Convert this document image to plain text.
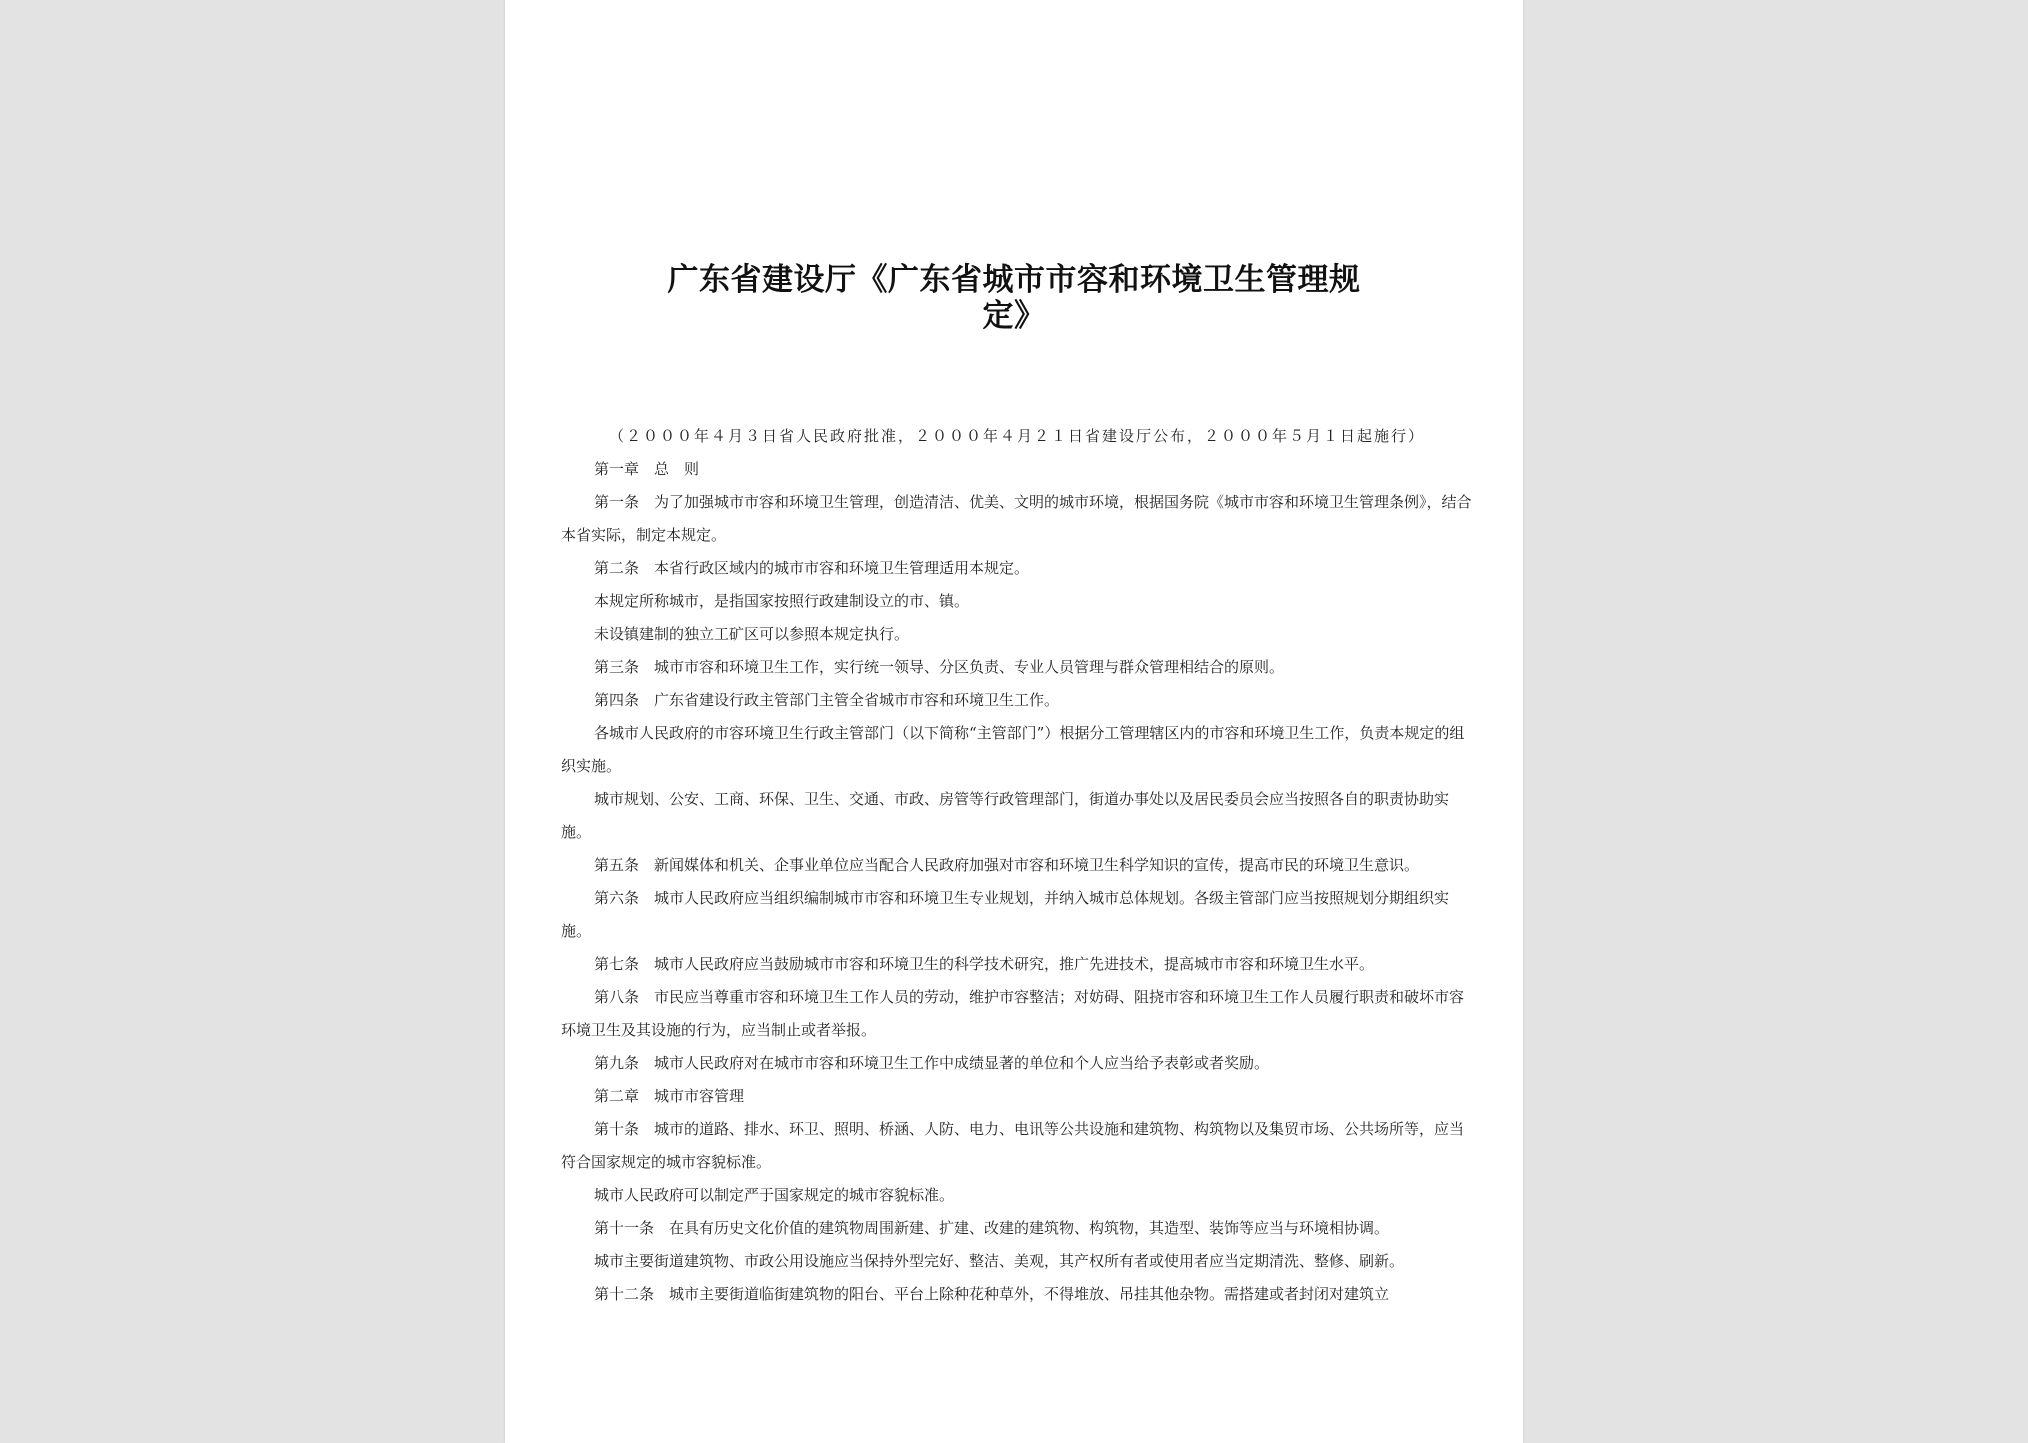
广东省建设厅《广东省城市市容和环境卫生管理规
定》

（２０００年４月３日省人民政府批准，２０００年４月２１日省建设厅公布，２０００年５月１日起施行）

第一章　总　则

第一条　为了加强城市市容和环境卫生管理，创造清洁、优美、文明的城市环境，根据国务院《城市市容和环境卫生管理条例》，结合本省实际，制定本规定。

第二条　本省行政区域内的城市市容和环境卫生管理适用本规定。

本规定所称城市，是指国家按照行政建制设立的市、镇。

未设镇建制的独立工矿区可以参照本规定执行。

第三条　城市市容和环境卫生工作，实行统一领导、分区负责、专业人员管理与群众管理相结合的原则。

第四条　广东省建设行政主管部门主管全省城市市容和环境卫生工作。

各城市人民政府的市容环境卫生行政主管部门（以下简称“主管部门”）根据分工管理辖区内的市容和环境卫生工作，负责本规定的组织实施。

城市规划、公安、工商、环保、卫生、交通、市政、房管等行政管理部门，街道办事处以及居民委员会应当按照各自的职责协助实施。

第五条　新闻媒体和机关、企事业单位应当配合人民政府加强对市容和环境卫生科学知识的宣传，提高市民的环境卫生意识。

第六条　城市人民政府应当组织编制城市市容和环境卫生专业规划，并纳入城市总体规划。各级主管部门应当按照规划分期组织实施。

第七条　城市人民政府应当鼓励城市市容和环境卫生的科学技术研究，推广先进技术，提高城市市容和环境卫生水平。

第八条　市民应当尊重市容和环境卫生工作人员的劳动，维护市容整洁；对妨碍、阻挠市容和环境卫生工作人员履行职责和破坏市容环境卫生及其设施的行为，应当制止或者举报。

第九条　城市人民政府对在城市市容和环境卫生工作中成绩显著的单位和个人应当给予表彰或者奖励。

第二章　城市市容管理

第十条　城市的道路、排水、环卫、照明、桥涵、人防、电力、电讯等公共设施和建筑物、构筑物以及集贸市场、公共场所等，应当符合国家规定的城市容貌标准。

城市人民政府可以制定严于国家规定的城市容貌标准。

第十一条　在具有历史文化价值的建筑物周围新建、扩建、改建的建筑物、构筑物，其造型、装饰等应当与环境相协调。

城市主要街道建筑物、市政公用设施应当保持外型完好、整洁、美观，其产权所有者或使用者应当定期清洗、整修、刷新。

第十二条　城市主要街道临街建筑物的阳台、平台上除种花种草外，不得堆放、吊挂其他杂物。需搭建或者封闭对建筑立
